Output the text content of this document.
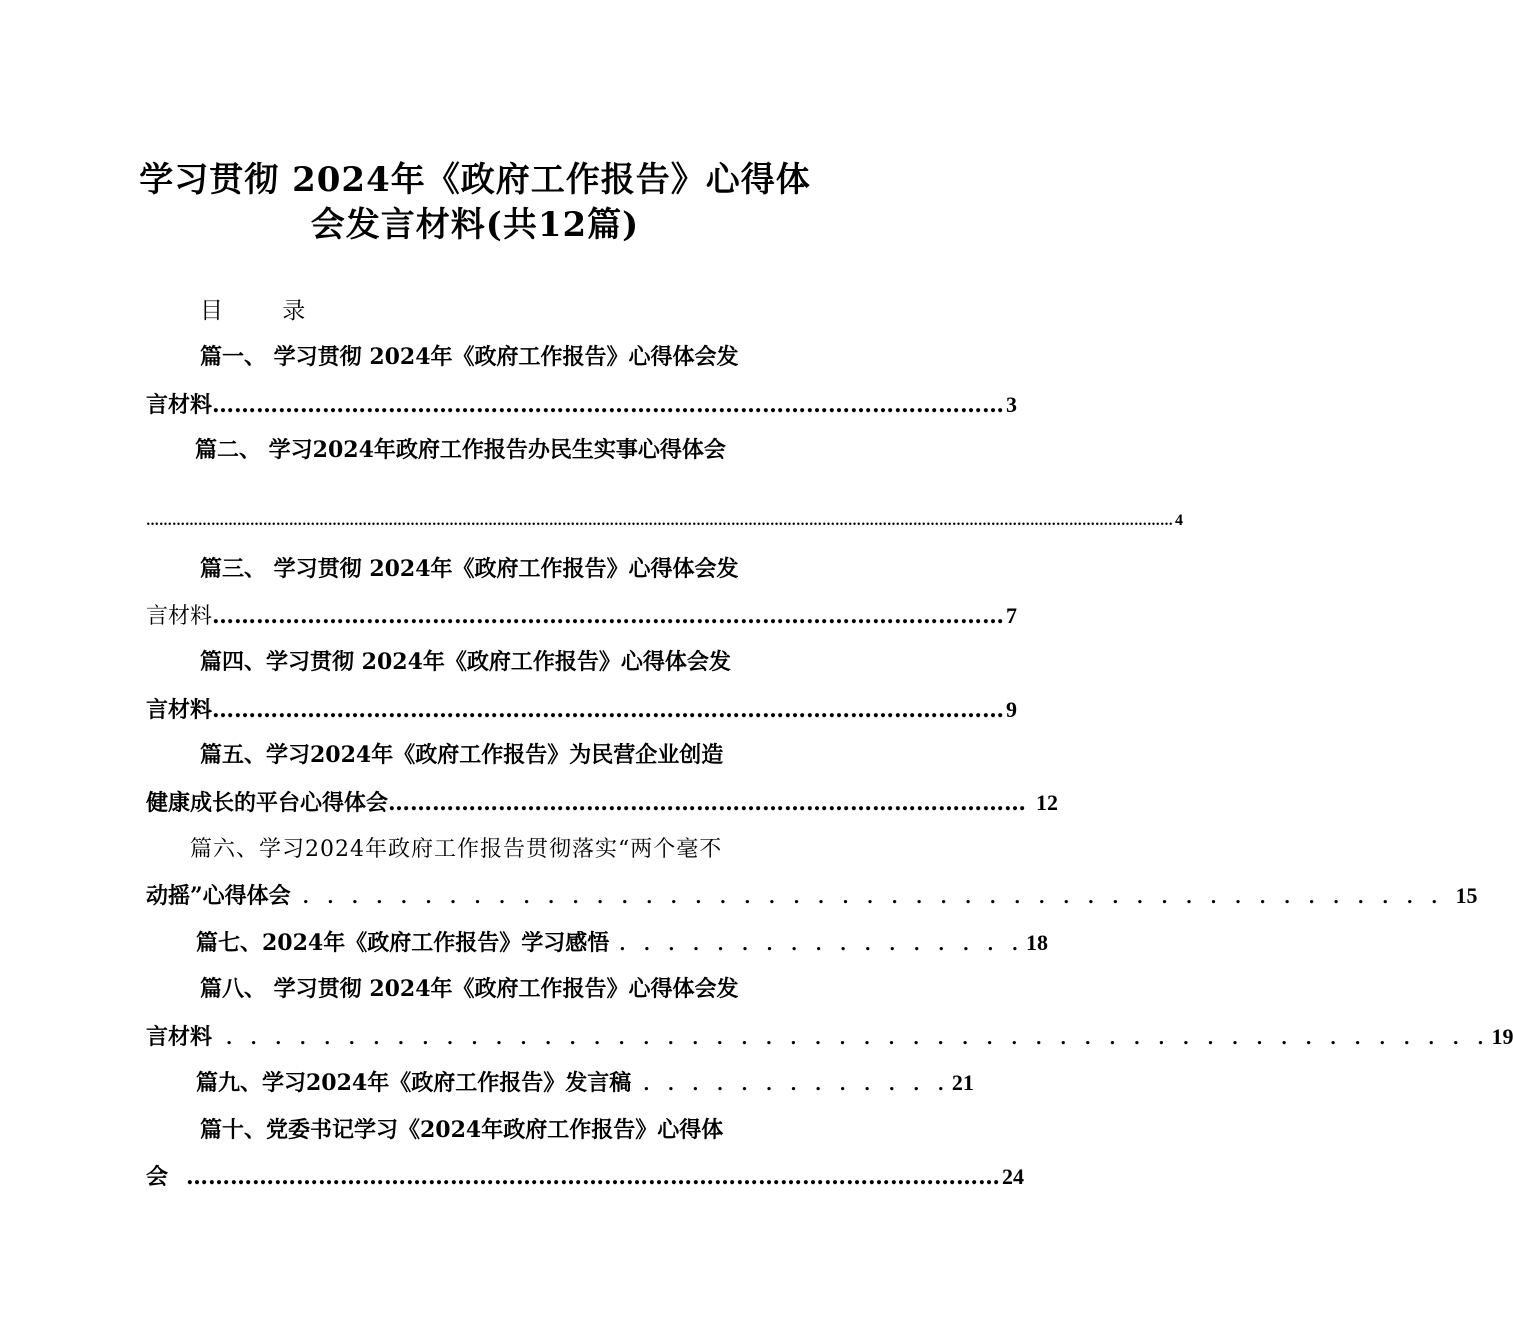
学习贯彻 2024年《政府工作报告》心得体
会发言材料(共12篇)
目 录
篇一、 学习贯彻 2024年《政府工作报告》心得体会发
言材料 ……………………………………………………………………………………………… 3
篇二、 学习2024年政府工作报告办民生实事心得体会
………………………………………………………………………………………………………………………………………………………………………………………………………………… 4
篇三、 学习贯彻 2024年《政府工作报告》心得体会发
言材料 ……………………………………………………………………………………………… 7
篇四、学习贯彻 2024年《政府工作报告》心得体会发
言材料 ……………………………………………………………………………………………… 9
篇五、学习2024年《政府工作报告》为民营企业创造
健康成长的平台心得体会 …………………………………………………………………………… 12
篇六、学习2024年政府工作报告贯彻落实“两个毫不
动摇”心得体会 . . . . . . . . . . . . . . . . . . . . . . . . . . . . . . . . . . . . . . . . . . . . . . . 15
篇七、2024年《政府工作报告》学习感悟 . . . . . . . . . . . . . . . . . 18
篇八、 学习贯彻 2024年《政府工作报告》心得体会发
言材料 . . . . . . . . . . . . . . . . . . . . . . . . . . . . . . . . . . . . . . . . . . . . . . . . . . . . 19
篇九、学习2024年《政府工作报告》发言稿 . . . . . . . . . . . . . 21
篇十、党委书记学习《2024年政府工作报告》心得体
会 ………………………………………………………………………………………………… 24
